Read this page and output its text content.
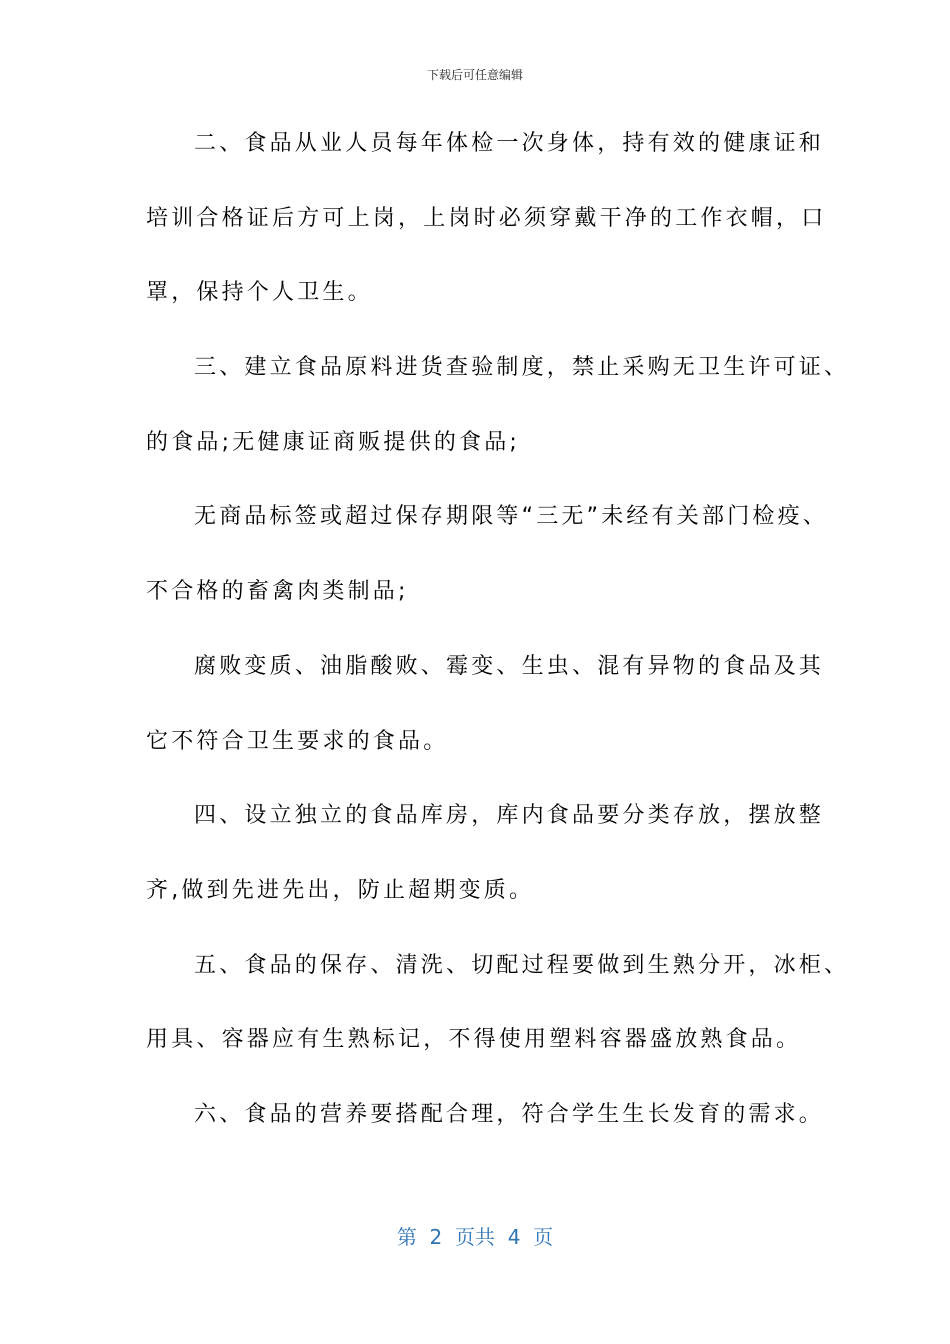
下载后可任意编辑
二、食品从业人员每年体检一次身体，持有效的健康证和
培训合格证后方可上岗，上岗时必须穿戴干净的工作衣帽，口
罩，保持个人卫生。
三、建立食品原料进货查验制度，禁止采购无卫生许可证、
的食品;无健康证商贩提供的食品;
无商品标签或超过保存期限等“三无”未经有关部门检疫、
不合格的畜禽肉类制品;
腐败变质、油脂酸败、霉变、生虫、混有异物的食品及其
它不符合卫生要求的食品。
四、设立独立的食品库房，库内食品要分类存放，摆放整
齐,做到先进先出，防止超期变质。
五、食品的保存、清洗、切配过程要做到生熟分开，冰柜、
用具、容器应有生熟标记，不得使用塑料容器盛放熟食品。
六、食品的营养要搭配合理，符合学生生长发育的需求。
第  2  页共  4  页
